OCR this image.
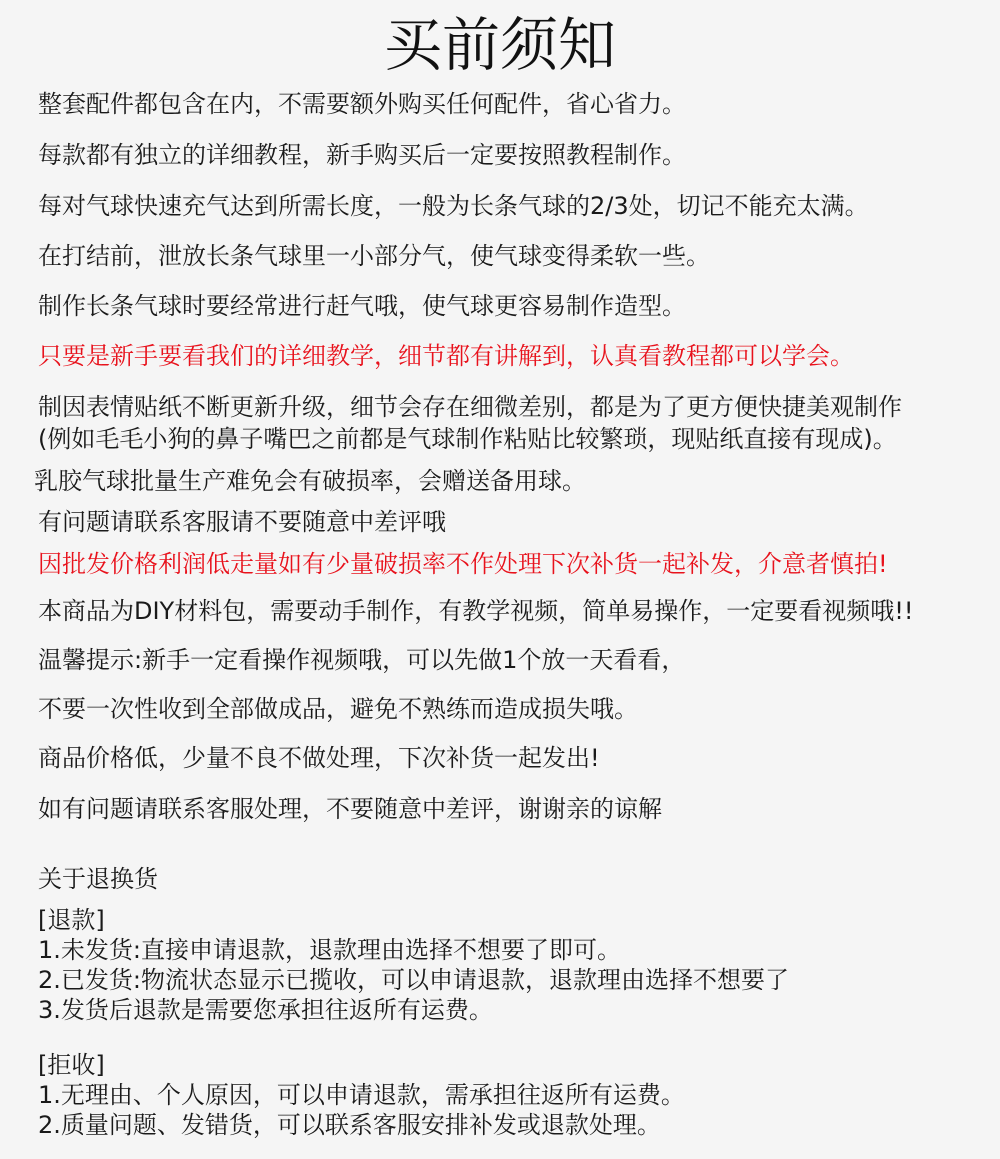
买前须知
整套配件都包含在内，不需要额外购买任何配件，省心省力。
每款都有独立的详细教程，新手购买后一定要按照教程制作。
每对气球快速充气达到所需长度，一般为长条气球的2/3处，切记不能充太满。
在打结前，泄放长条气球里一小部分气，使气球变得柔软一些。
制作长条气球时要经常进行赶气哦，使气球更容易制作造型。
只要是新手要看我们的详细教学，细节都有讲解到，认真看教程都可以学会。
制因表情贴纸不断更新升级，细节会存在细微差别，都是为了更方便快捷美观制作
(例如毛毛小狗的鼻子嘴巴之前都是气球制作粘贴比较繁琐，现贴纸直接有现成)。
乳胶气球批量生产难免会有破损率，会赠送备用球。
有问题请联系客服请不要随意中差评哦
因批发价格利润低走量如有少量破损率不作处理下次补货一起补发，介意者慎拍!
本商品为DIY材料包，需要动手制作，有教学视频，简单易操作，一定要看视频哦!!
温馨提示:新手一定看操作视频哦，可以先做1个放一天看看，
不要一次性收到全部做成品，避免不熟练而造成损失哦。
商品价格低，少量不良不做处理，下次补货一起发出!
如有问题请联系客服处理，不要随意中差评，谢谢亲的谅解
关于退换货
[退款]
1.未发货:直接申请退款，退款理由选择不想要了即可。
2.已发货:物流状态显示已揽收，可以申请退款，退款理由选择不想要了
3.发货后退款是需要您承担往返所有运费。
[拒收]
1.无理由、个人原因，可以申请退款，需承担往返所有运费。
2.质量问题、发错货，可以联系客服安排补发或退款处理。
